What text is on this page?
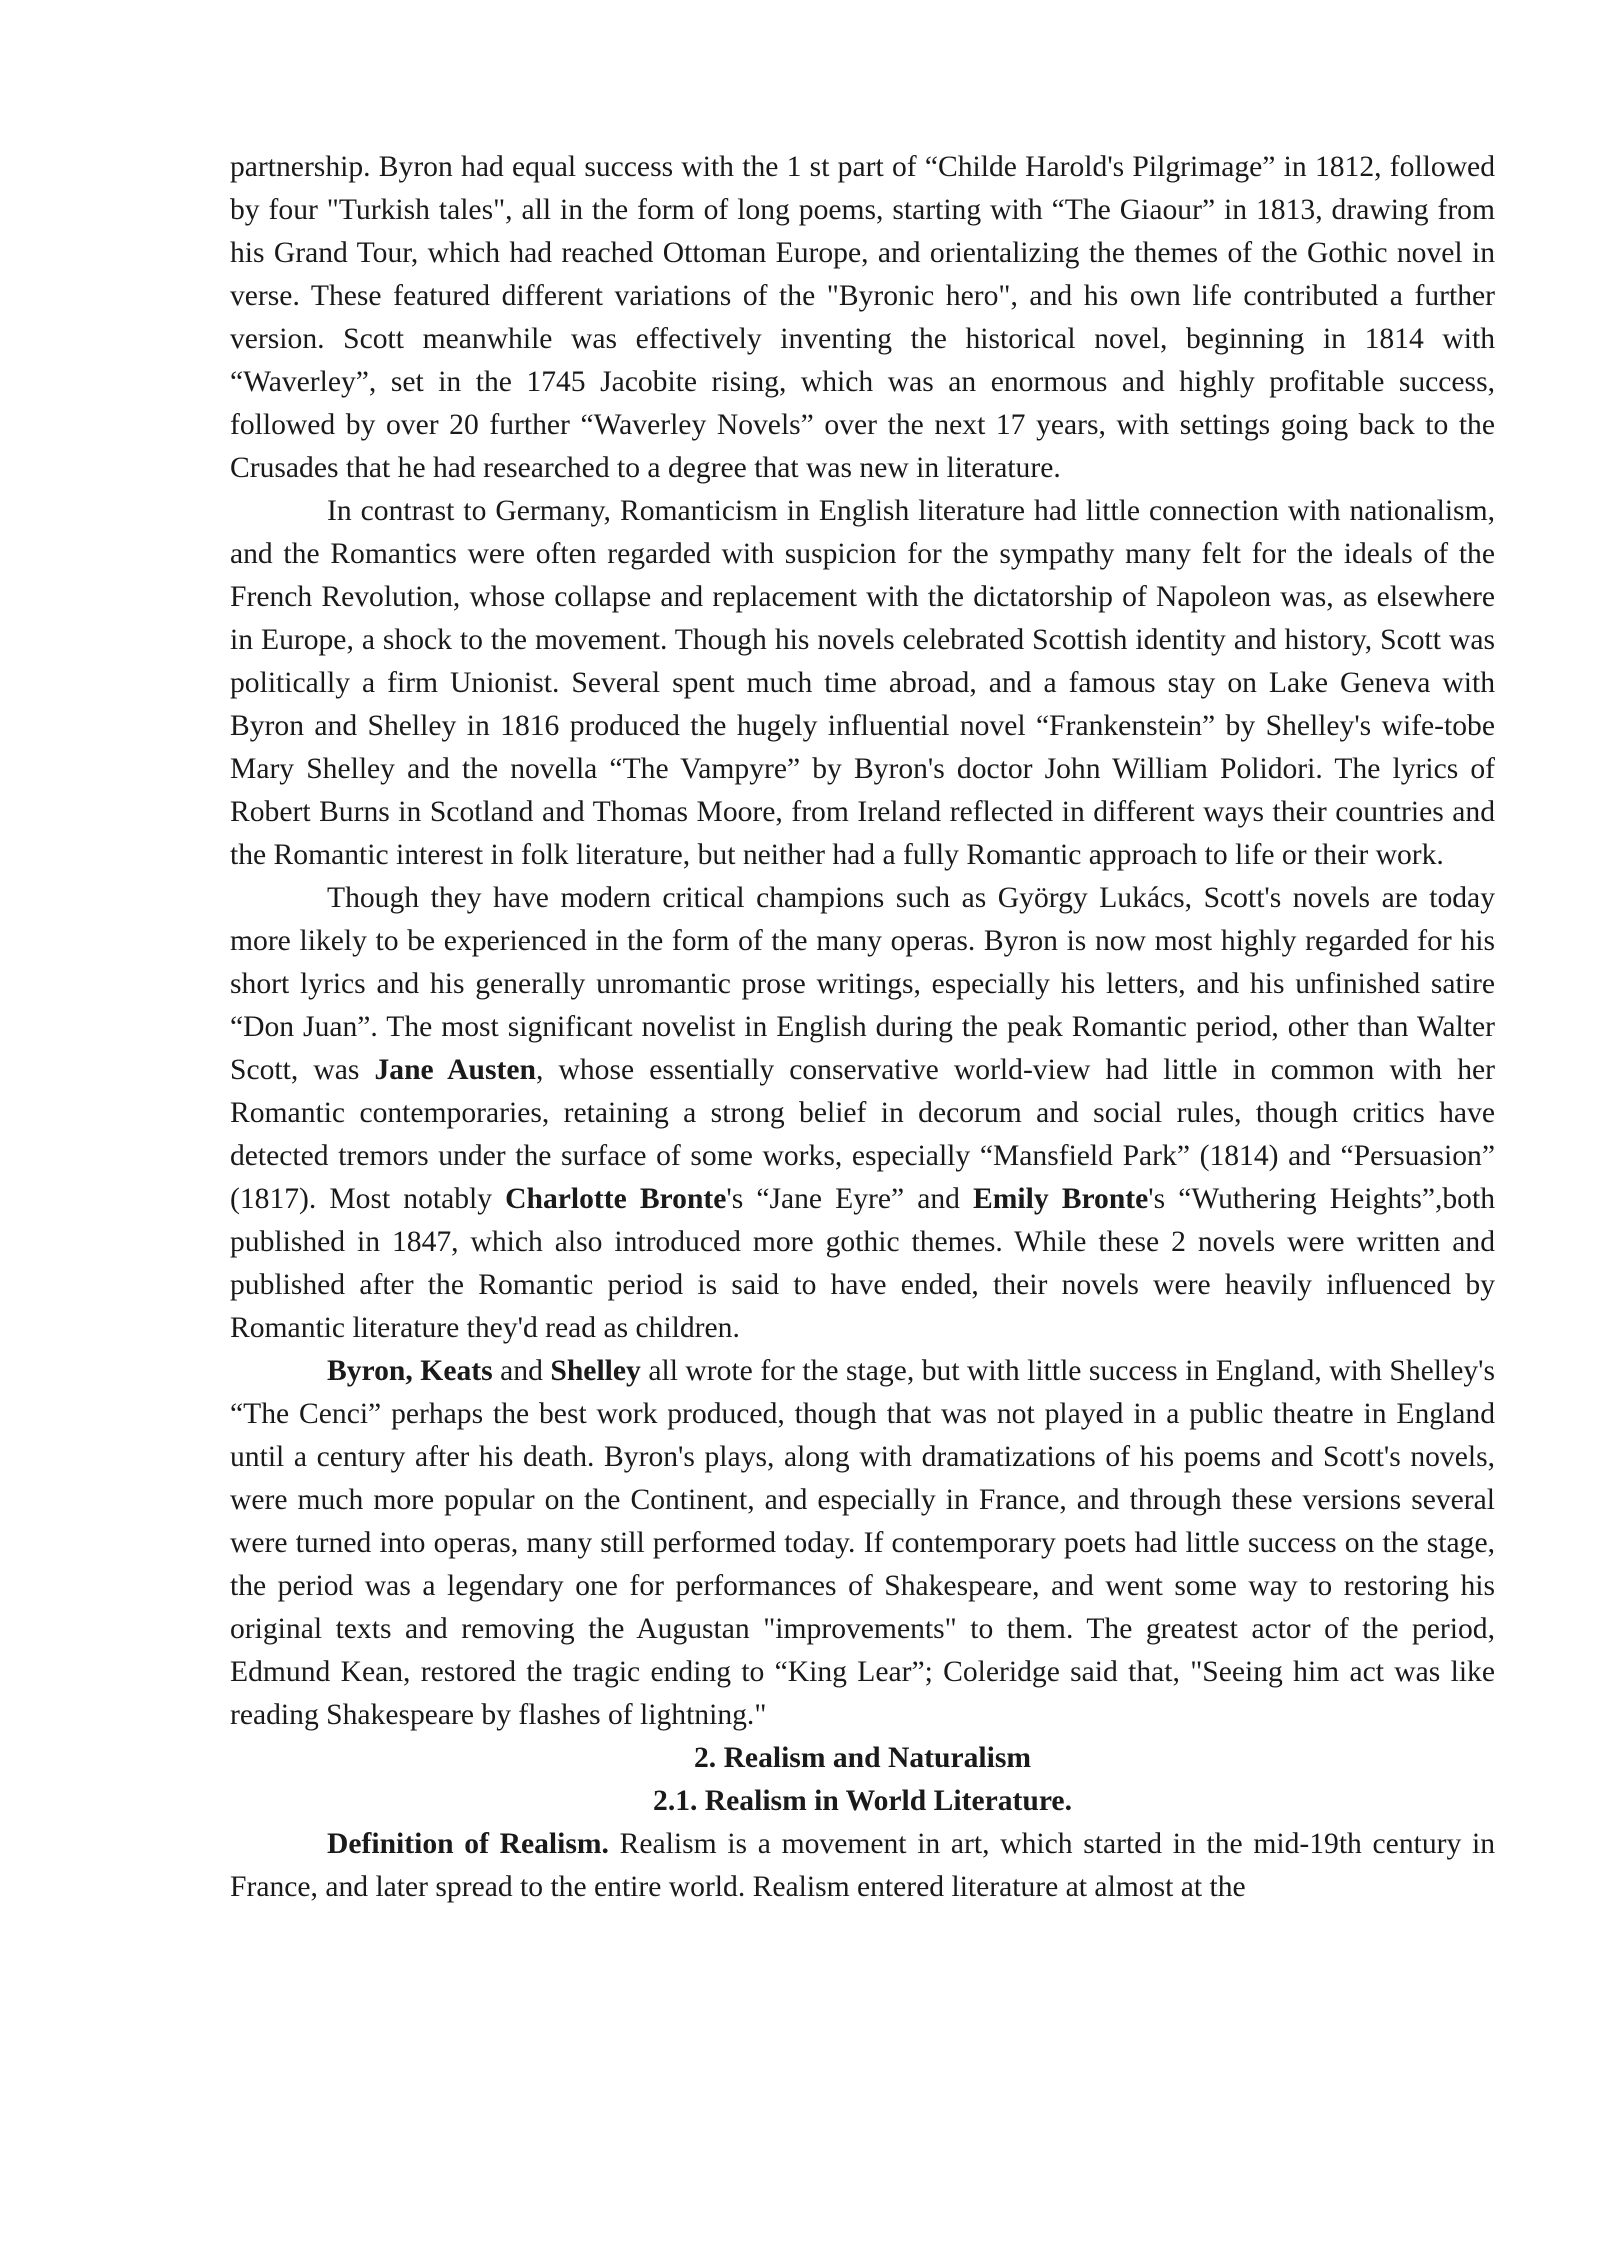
partnership. Byron had equal success with the 1 st part of “Childe Harold's Pilgrimage” in 1812, followed by four "Turkish tales", all in the form of long poems, starting with “The Giaour” in 1813, drawing from his Grand Tour, which had reached Ottoman Europe, and orientalizing the themes of the Gothic novel in verse. These featured different variations of the "Byronic hero", and his own life contributed a further version. Scott meanwhile was effectively inventing the historical novel, beginning in 1814 with “Waverley”, set in the 1745 Jacobite rising, which was an enormous and highly profitable success, followed by over 20 further “Waverley Novels” over the next 17 years, with settings going back to the Crusades that he had researched to a degree that was new in literature.

In contrast to Germany, Romanticism in English literature had little connection with nationalism, and the Romantics were often regarded with suspicion for the sympathy many felt for the ideals of the French Revolution, whose collapse and replacement with the dictatorship of Napoleon was, as elsewhere in Europe, a shock to the movement. Though his novels celebrated Scottish identity and history, Scott was politically a firm Unionist. Several spent much time abroad, and a famous stay on Lake Geneva with Byron and Shelley in 1816 produced the hugely influential novel “Frankenstein” by Shelley's wife-tobe Mary Shelley and the novella “The Vampyre” by Byron's doctor John William Polidori. The lyrics of Robert Burns in Scotland and Thomas Moore, from Ireland reflected in different ways their countries and the Romantic interest in folk literature, but neither had a fully Romantic approach to life or their work.

Though they have modern critical champions such as György Lukács, Scott's novels are today more likely to be experienced in the form of the many operas. Byron is now most highly regarded for his short lyrics and his generally unromantic prose writings, especially his letters, and his unfinished satire “Don Juan”. The most significant novelist in English during the peak Romantic period, other than Walter Scott, was Jane Austen, whose essentially conservative world-view had little in common with her Romantic contemporaries, retaining a strong belief in decorum and social rules, though critics have detected tremors under the surface of some works, especially “Mansfield Park” (1814) and “Persuasion” (1817). Most notably Charlotte Bronte's “Jane Eyre” and Emily Bronte's “Wuthering Heights”,both published in 1847, which also introduced more gothic themes. While these 2 novels were written and published after the Romantic period is said to have ended, their novels were heavily influenced by Romantic literature they'd read as children.

Byron, Keats and Shelley all wrote for the stage, but with little success in England, with Shelley's “The Cenci” perhaps the best work produced, though that was not played in a public theatre in England until a century after his death. Byron's plays, along with dramatizations of his poems and Scott's novels, were much more popular on the Continent, and especially in France, and through these versions several were turned into operas, many still performed today. If contemporary poets had little success on the stage, the period was a legendary one for performances of Shakespeare, and went some way to restoring his original texts and removing the Augustan "improvements" to them. The greatest actor of the period, Edmund Kean, restored the tragic ending to “King Lear”; Coleridge said that, "Seeing him act was like reading Shakespeare by flashes of lightning."

2. Realism and Naturalism

2.1. Realism in World Literature.

Definition of Realism. Realism is a movement in art, which started in the mid-19th century in France, and later spread to the entire world. Realism entered literature at almost at the
